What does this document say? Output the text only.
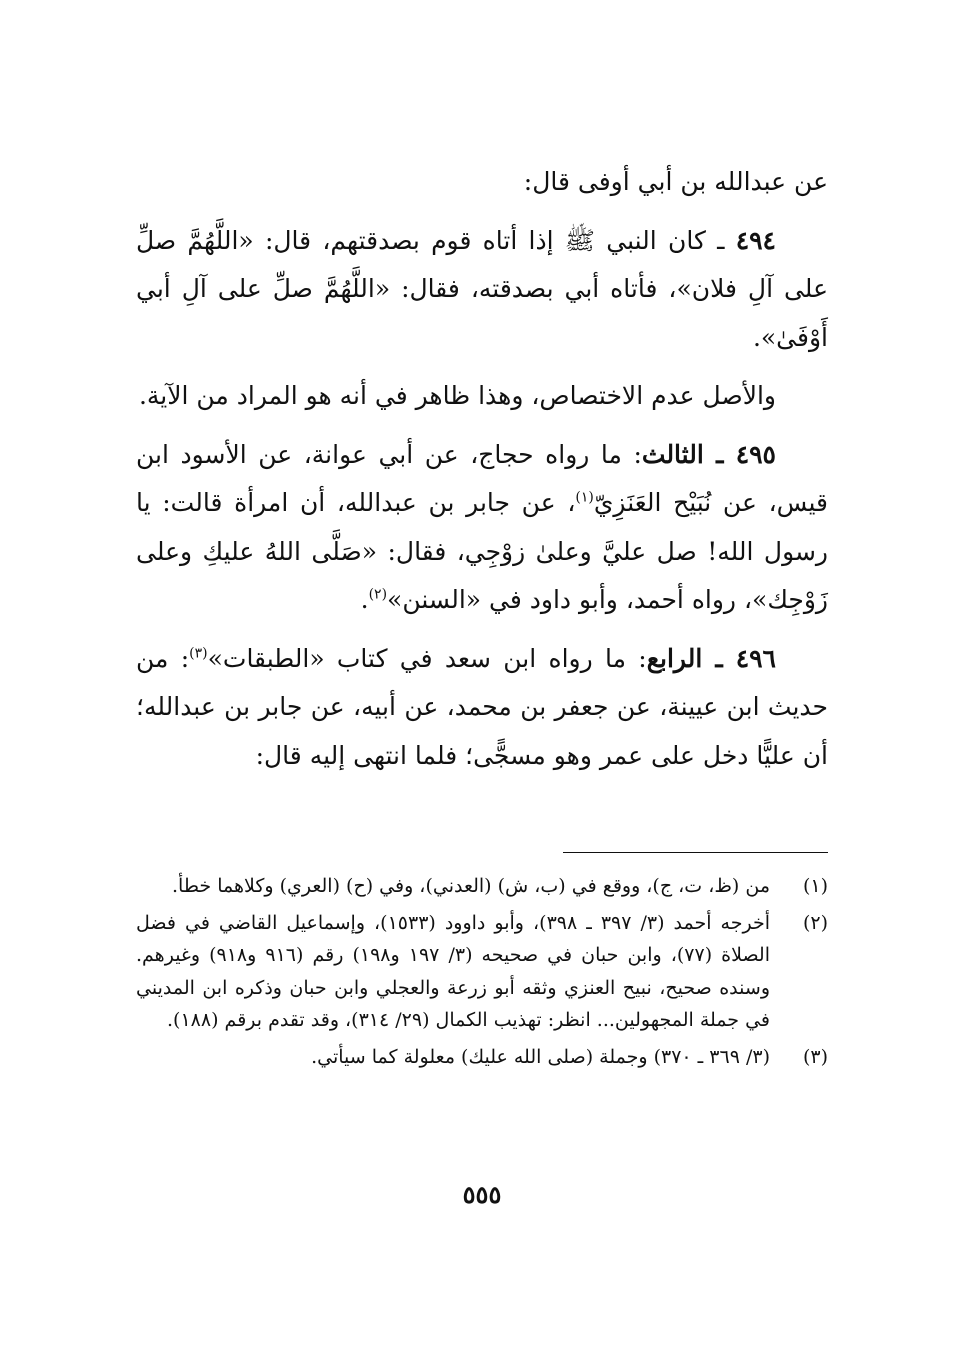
عن عبدالله بن أبي أوفى قال:

٤٩٤ ـ كان النبي ﷺ إذا أتاه قوم بصدقتهم، قال: «اللَّهُمَّ صلِّ على آلِ فلان»، فأتاه أبي بصدقته، فقال: «اللَّهُمَّ صلِّ على آلِ أبي أَوْفَىٰ».

والأصل عدم الاختصاص، وهذا ظاهر في أنه هو المراد من الآية.

٤٩٥ ـ الثالث: ما رواه حجاج، عن أبي عوانة، عن الأسود ابن قيس، عن نُبَيْح العَنَزِيّ$^{(١)}$، عن جابر بن عبدالله، أن امرأة قالت: يا رسول الله! صل عليَّ وعلىٰ زوْجِي، فقال: «صَلَّى اللهُ عليكِ وعلى زَوْجِك»، رواه أحمد، وأبو داود في «السنن»$^{(٢)}$.

٤٩٦ ـ الرابع: ما رواه ابن سعد في كتاب «الطبقات»$^{(٣)}$: من حديث ابن عيينة، عن جعفر بن محمد، عن أبيه، عن جابر بن عبدالله؛ أن عليًّا دخل على عمر وهو مسجًّى؛ فلما انتهى إليه قال:

(١)
من (ظ، ت، ج)، ووقع في (ب، ش) (العدني)، وفي (ح) (العري) وكلاهما خطأ.
(٢)
أخرجه أحمد (٣/ ٣٩٧ ـ ٣٩٨)، وأبو داوود (١٥٣٣)، وإسماعيل القاضي في فضل الصلاة (٧٧)، وابن حبان في صحيحه (٣/ ١٩٧ و١٩٨) رقم (٩١٦ و٩١٨) وغيرهم. وسنده صحيح، نبيح العنزي وثقه أبو زرعة والعجلي وابن حبان وذكره ابن المديني في جملة المجهولين... انظر: تهذيب الكمال (٢٩/ ٣١٤)، وقد تقدم برقم (١٨٨).
(٣)
(٣/ ٣٦٩ ـ ٣٧٠) وجملة (صلى الله عليك) معلولة كما سيأتي.
٥٥٥
